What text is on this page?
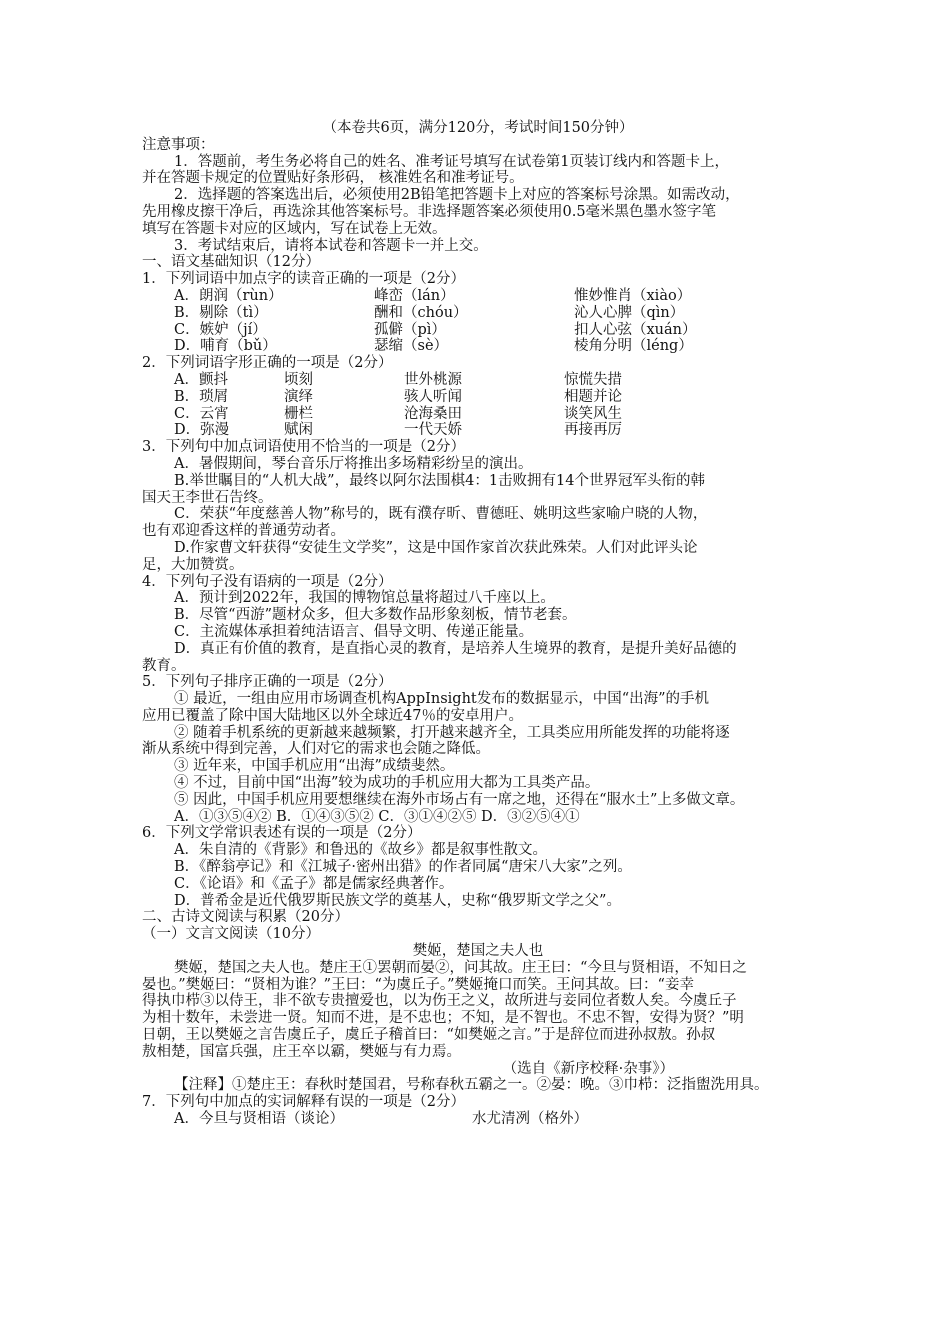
（本卷共6页，满分120分，考试时间150分钟）
注意事项：
1．答题前，考生务必将自己的姓名、准考证号填写在试卷第1页装订线内和答题卡上，
并在答题卡规定的位置贴好条形码， 核准姓名和准考证号。
2．选择题的答案选出后，必须使用2B铅笔把答题卡上对应的答案标号涂黑。如需改动，
先用橡皮擦干净后，再选涂其他答案标号。非选择题答案必须使用0.5毫米黑色墨水签字笔
填写在答题卡对应的区域内，写在试卷上无效。
3．考试结束后，请将本试卷和答题卡一并上交。
一、语文基础知识（12分）
1．下列词语中加点字的读音正确的一项是（2分）
A．朗润（rùn）	峰峦（lán）	惟妙惟肖（xiào）
B．剔除（tì）	酬和（chóu）	沁人心脾（qìn）
C．嫉妒（jí）	孤僻（pì）	扣人心弦（xuán）
D．哺育（bǔ）	瑟缩（sè）	棱角分明（léng）
2．下列词语字形正确的一项是（2分）
A．颤抖	顷刻	世外桃源	惊慌失措
B．琐屑	演绎	骇人听闻	相题并论
C．云宵	栅栏	沧海桑田	谈笑风生
D．弥漫	赋闲	一代天娇	再接再厉
3．下列句中加点词语使用不恰当的一项是（2分）
A．暑假期间，琴台音乐厅将推出多场精彩纷呈的演出。
B.举世瞩目的“人机大战”，最终以阿尔法围棋4：1击败拥有14个世界冠军头衔的韩
国天王李世石告终。
C．荣获“年度慈善人物”称号的，既有濮存昕、曹德旺、姚明这些家喻户晓的人物，
也有邓迎香这样的普通劳动者。
D.作家曹文轩获得“安徒生文学奖”，这是中国作家首次获此殊荣。人们对此评头论
足，大加赞赏。
4．下列句子没有语病的一项是（2分）
A．预计到2022年，我国的博物馆总量将超过八千座以上。
B．尽管“西游”题材众多，但大多数作品形象刻板，情节老套。
C．主流媒体承担着纯洁语言、倡导文明、传递正能量。
D．真正有价值的教育，是直指心灵的教育，是培养人生境界的教育，是提升美好品德的
教育。
5．下列句子排序正确的一项是（2分）
① 最近，一组由应用市场调查机构AppInsight发布的数据显示，中国“出海”的手机
应用已覆盖了除中国大陆地区以外全球近47％的安卓用户。
② 随着手机系统的更新越来越频繁，打开越来越齐全，工具类应用所能发挥的功能将逐
渐从系统中得到完善，人们对它的需求也会随之降低。
③ 近年来，中国手机应用“出海”成绩斐然。
④ 不过，目前中国“出海”较为成功的手机应用大都为工具类产品。
⑤ 因此，中国手机应用要想继续在海外市场占有一席之地，还得在“服水土”上多做文章。
A．①③⑤④② B．①④③⑤② C．③①④②⑤ D．③②⑤④①
6．下列文学常识表述有误的一项是（2分）
A．朱自清的《背影》和鲁迅的《故乡》都是叙事性散文。
B．《醉翁亭记》和《江城子·密州出猎》的作者同属“唐宋八大家”之列。
C．《论语》和《孟子》都是儒家经典著作。
D．普希金是近代俄罗斯民族文学的奠基人，史称“俄罗斯文学之父”。
二、古诗文阅读与积累（20分）
（一）文言文阅读（10分）
樊姬，楚国之夫人也
樊姬，楚国之夫人也。楚庄王①罢朝而晏②，问其故。庄王曰：“今旦与贤相语，不知日之
晏也。”樊姬曰：“贤相为谁？”王曰：“为虞丘子。”樊姬掩口而笑。王问其故。曰：“妾幸
得执巾栉③以侍王，非不欲专贵擅爱也，以为伤王之义，故所进与妾同位者数人矣。今虞丘子
为相十数年，未尝进一贤。知而不进，是不忠也；不知，是不智也。不忠不智，安得为贤？”明
日朝，王以樊姬之言告虞丘子，虞丘子稽首曰：“如樊姬之言。”于是辞位而进孙叔敖。孙叔
敖相楚，国富兵强，庄王卒以霸，樊姬与有力焉。
（选自《新序校释·杂事》）
【注释】①楚庄王：春秋时楚国君，号称春秋五霸之一。②晏：晚。③巾栉：泛指盥洗用具。
7．下列句中加点的实词解释有误的一项是（2分）
A．今旦与贤相语（谈论）	水尤清冽（格外）
